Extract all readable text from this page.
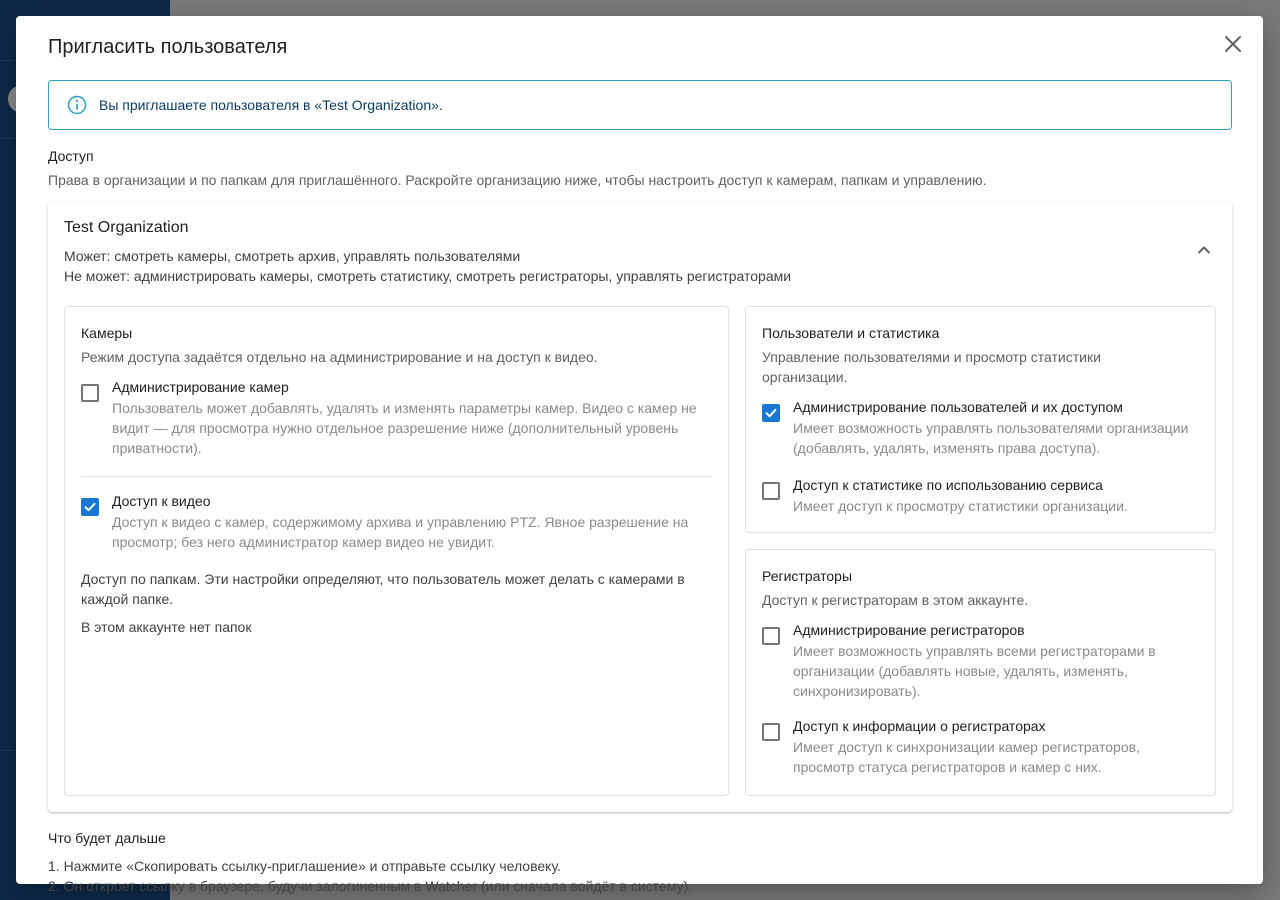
Пригласить пользователя
Вы приглашаете пользователя в «Test Organization».
Доступ
Права в организации и по папкам для приглашённого. Раскройте организацию ниже, чтобы настроить доступ к камерам, папкам и управлению.
Test Organization
Может: смотреть камеры, смотреть архив, управлять пользователями
Не может: администрировать камеры, смотреть статистику, смотреть регистраторы, управлять регистраторами
Камеры
Режим доступа задаётся отдельно на администрирование и на доступ к видео.
Администрирование камер
Пользователь может добавлять, удалять и изменять параметры камер. Видео с камер не видит — для просмотра нужно отдельное разрешение ниже (дополнительный уровень приватности).
Доступ к видео
Доступ к видео с камер, содержимому архива и управлению PTZ. Явное разрешение на просмотр; без него администратор камер видео не увидит.
Доступ по папкам. Эти настройки определяют, что пользователь может делать с камерами в каждой папке.
В этом аккаунте нет папок
Пользователи и статистика
Управление пользователями и просмотр статистики организации.
Администрирование пользователей и их доступом
Имеет возможность управлять пользователями организации (добавлять, удалять, изменять права доступа).
Доступ к статистике по использованию сервиса
Имеет доступ к просмотру статистики организации.
Регистраторы
Доступ к регистраторам в этом аккаунте.
Администрирование регистраторов
Имеет возможность управлять всеми регистраторами в организации (добавлять новые, удалять, изменять, синхронизировать).
Доступ к информации о регистраторах
Имеет доступ к синхронизации камер регистраторов, просмотр статуса регистраторов и камер с них.
Что будет дальше
1. Нажмите «Скопировать ссылку-приглашение» и отправьте ссылку человеку.
2. Он откроет ссылку в браузере, будучи залогиненным в Watcher (или сначала войдёт в систему).
